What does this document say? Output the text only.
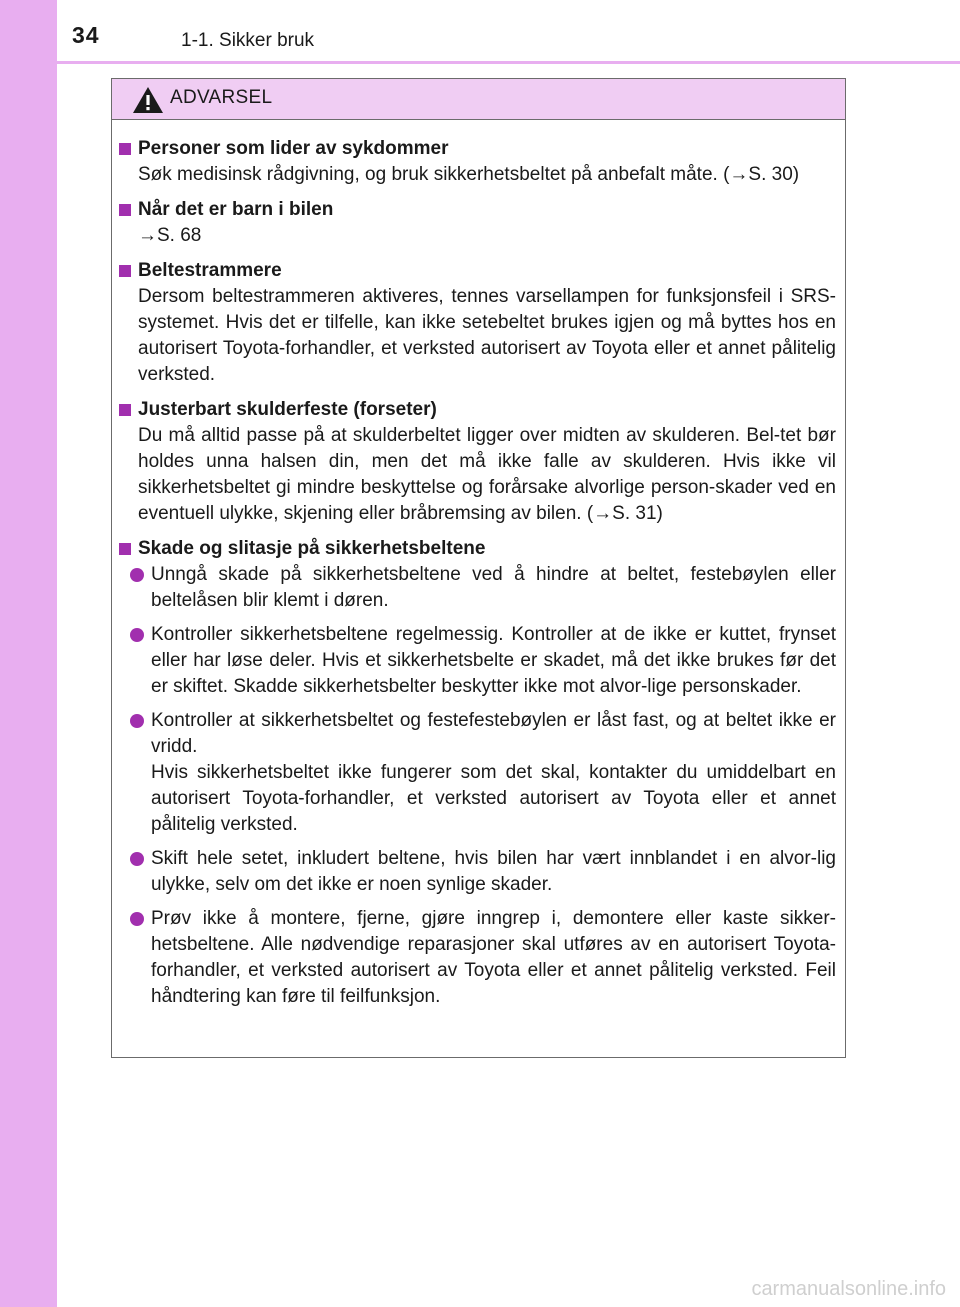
34	1-1. Sikker bruk
ADVARSEL
Personer som lider av sykdommer
Søk medisinsk rådgivning, og bruk sikkerhetsbeltet på anbefalt måte. (→S. 30)
Når det er barn i bilen
→S. 68
Beltestrammere
Dersom beltestrammeren aktiveres, tennes varsellampen for funksjonsfeil i SRS-systemet. Hvis det er tilfelle, kan ikke setebeltet brukes igjen og må byttes hos en autorisert Toyota-forhandler, et verksted autorisert av Toyota eller et annet pålitelig verksted.
Justerbart skulderfeste (forseter)
Du må alltid passe på at skulderbeltet ligger over midten av skulderen. Bel-tet bør holdes unna halsen din, men det må ikke falle av skulderen. Hvis ikke vil sikkerhetsbeltet gi mindre beskyttelse og forårsake alvorlige person-skader ved en eventuell ulykke, skjening eller bråbremsing av bilen. (→S. 31)
Skade og slitasje på sikkerhetsbeltene
Unngå skade på sikkerhetsbeltene ved å hindre at beltet, festebøylen eller beltelåsen blir klemt i døren.
Kontroller sikkerhetsbeltene regelmessig. Kontroller at de ikke er kuttet, frynset eller har løse deler. Hvis et sikkerhetsbelte er skadet, må det ikke brukes før det er skiftet. Skadde sikkerhetsbelter beskytter ikke mot alvor-lige personskader.
Kontroller at sikkerhetsbeltet og festefestebøylen er låst fast, og at beltet ikke er vridd.
Hvis sikkerhetsbeltet ikke fungerer som det skal, kontakter du umiddelbart en autorisert Toyota-forhandler, et verksted autorisert av Toyota eller et annet pålitelig verksted.
Skift hele setet, inkludert beltene, hvis bilen har vært innblandet i en alvor-lig ulykke, selv om det ikke er noen synlige skader.
Prøv ikke å montere, fjerne, gjøre inngrep i, demontere eller kaste sikker-hetsbeltene. Alle nødvendige reparasjoner skal utføres av en autorisert Toyota-forhandler, et verksted autorisert av Toyota eller et annet pålitelig verksted. Feil håndtering kan føre til feilfunksjon.
carmanualsonline.info
